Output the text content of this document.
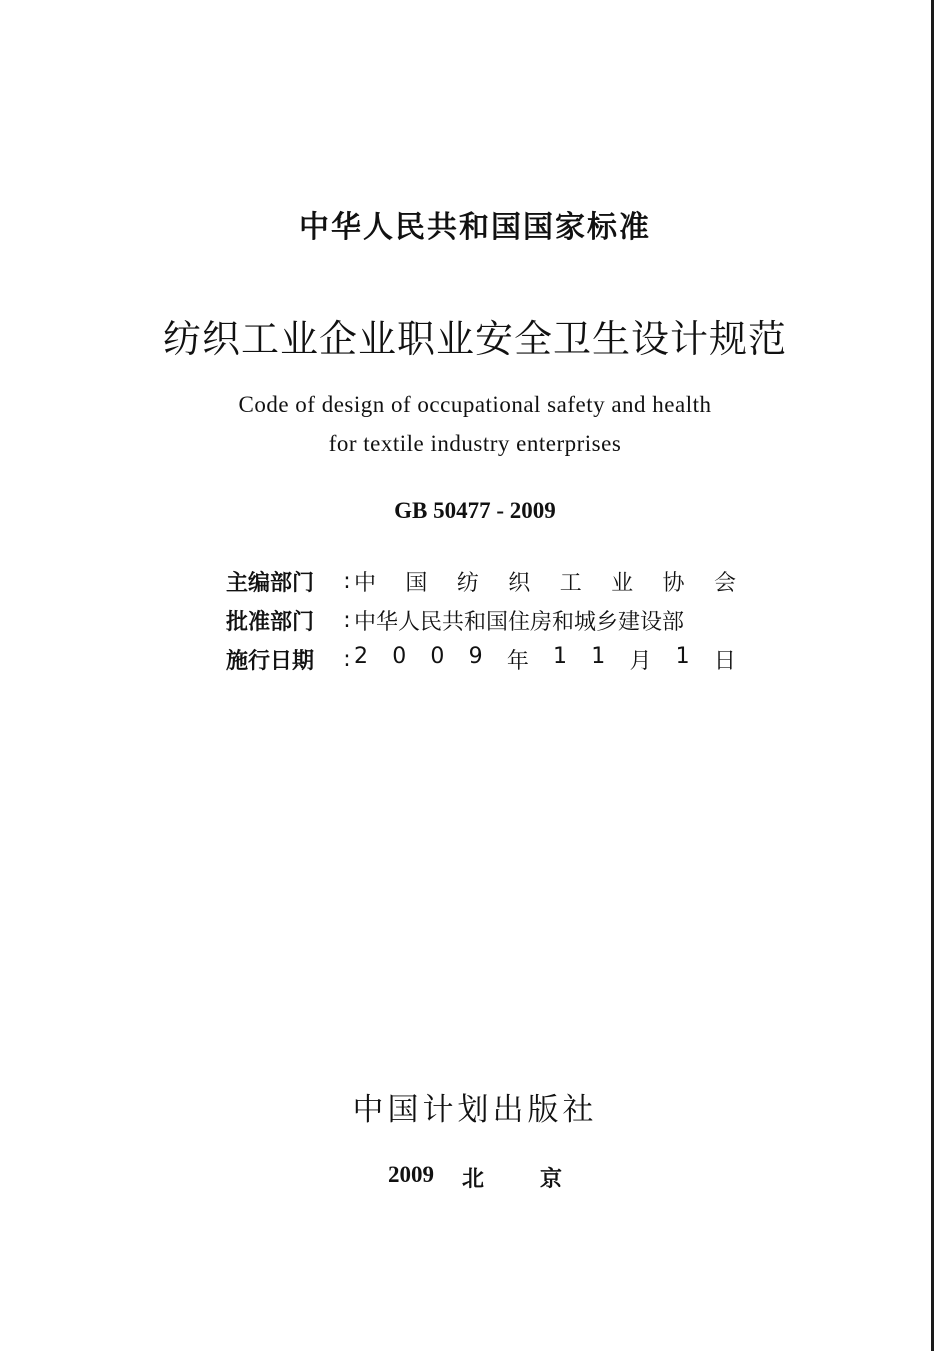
中华人民共和国国家标准
纺织工业企业职业安全卫生设计规范
Code of design of occupational safety and health
for textile industry enterprises
GB 50477 - 2009
主编部门	: 中 国 纺 织 工 业 协 会
批准部门	: 中华人民共和国住房和城乡建设部
施行日期	: 2 0 0 9 年 1 1 月 1 日
中国计划出版社
2009 北	京
